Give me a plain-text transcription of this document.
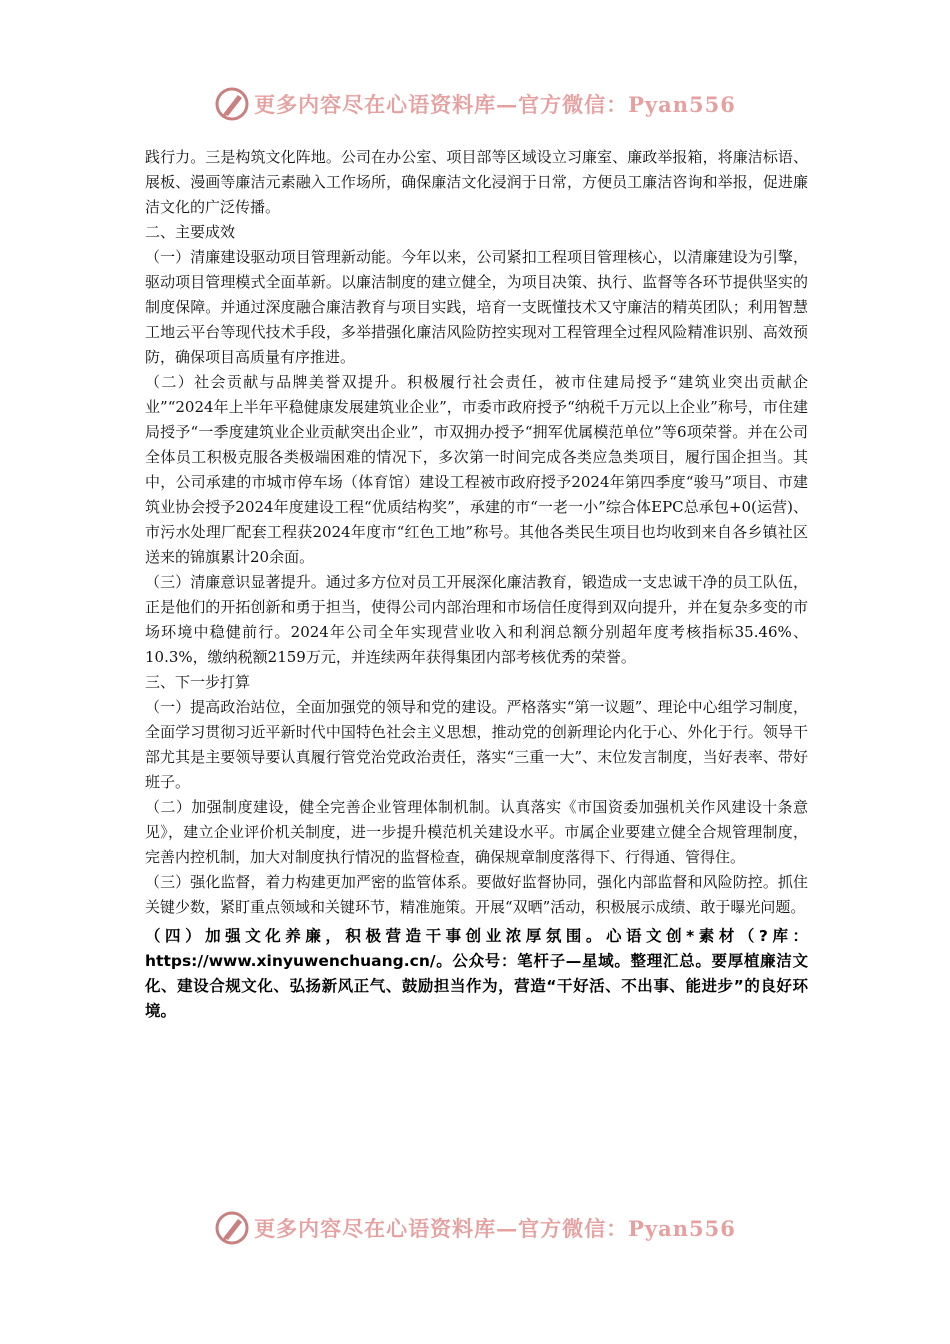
更多内容尽在心语资料库—官方微信：Pyan556

践行力。三是构筑文化阵地。公司在办公室、项目部等区域设立习廉室、廉政举报箱，将廉洁标语、展板、漫画等廉洁元素融入工作场所，确保廉洁文化浸润于日常，方便员工廉洁咨询和举报，促进廉洁文化的广泛传播。

二、主要成效

（一）清廉建设驱动项目管理新动能。今年以来，公司紧扣工程项目管理核心，以清廉建设为引擎，驱动项目管理模式全面革新。以廉洁制度的建立健全，为项目决策、执行、监督等各环节提供坚实的制度保障。并通过深度融合廉洁教育与项目实践，培育一支既懂技术又守廉洁的精英团队；利用智慧工地云平台等现代技术手段，多举措强化廉洁风险防控实现对工程管理全过程风险精准识别、高效预防，确保项目高质量有序推进。

（二）社会贡献与品牌美誉双提升。积极履行社会责任，被市住建局授予“建筑业突出贡献企业”“2024年上半年平稳健康发展建筑业企业”，市委市政府授予“纳税千万元以上企业”称号，市住建局授予“一季度建筑业企业贡献突出企业”，市双拥办授予“拥军优属模范单位”等6项荣誉。并在公司全体员工积极克服各类极端困难的情况下，多次第一时间完成各类应急类项目，履行国企担当。其中，公司承建的市城市停车场（体育馆）建设工程被市政府授予2024年第四季度“骏马”项目、市建筑业协会授予2024年度建设工程“优质结构奖”，承建的市“一老一小”综合体EPC总承包+0(运营)、市污水处理厂配套工程获2024年度市“红色工地”称号。其他各类民生项目也均收到来自各乡镇社区送来的锦旗累计20余面。

（三）清廉意识显著提升。通过多方位对员工开展深化廉洁教育，锻造成一支忠诚干净的员工队伍，正是他们的开拓创新和勇于担当，使得公司内部治理和市场信任度得到双向提升，并在复杂多变的市场环境中稳健前行。2024年公司全年实现营业收入和利润总额分别超年度考核指标35.46%、10.3%，缴纳税额2159万元，并连续两年获得集团内部考核优秀的荣誉。

三、下一步打算

（一）提高政治站位，全面加强党的领导和党的建设。严格落实“第一议题”、理论中心组学习制度，全面学习贯彻习近平新时代中国特色社会主义思想，推动党的创新理论内化于心、外化于行。领导干部尤其是主要领导要认真履行管党治党政治责任，落实“三重一大”、末位发言制度，当好表率、带好班子。

（二）加强制度建设，健全完善企业管理体制机制。认真落实《市国资委加强机关作风建设十条意见》，建立企业评价机关制度，进一步提升模范机关建设水平。市属企业要建立健全合规管理制度，完善内控机制，加大对制度执行情况的监督检查，确保规章制度落得下、行得通、管得住。

（三）强化监督，着力构建更加严密的监管体系。要做好监督协同，强化内部监督和风险防控。抓住关键少数，紧盯重点领域和关键环节，精准施策。开展“双晒”活动，积极展示成绩、敢于曝光问题。

（四）加强文化养廉，积极营造干事创业浓厚氛围。心语文创*素材（?库：https://www.xinyuwenchuang.cn/。公众号：笔杆子—星域。整理汇总。要厚植廉洁文化、建设合规文化、弘扬新风正气、鼓励担当作为，营造“干好活、不出事、能进步”的良好环境。

更多内容尽在心语资料库—官方微信：Pyan556
